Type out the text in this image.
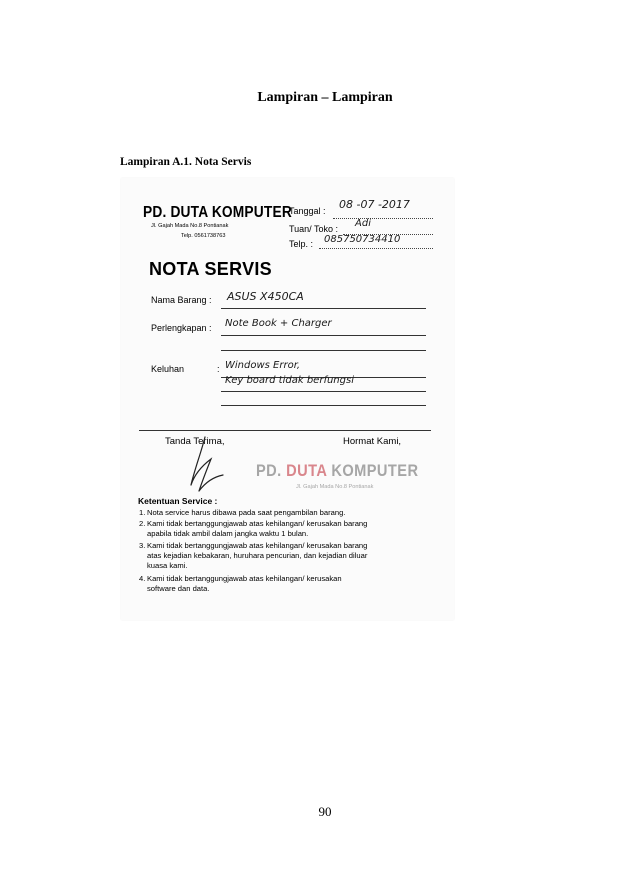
Lampiran – Lampiran
Lampiran A.1. Nota Servis
PD. DUTA KOMPUTER
Jl. Gajah Mada No.8 Pontianak
Telp. 0561738763
Tanggal : 08 -07 -2017
Tuan/ Toko : Adi
Telp. : 085750734410
NOTA SERVIS
Nama Barang : ASUS X450CA
Perlengkapan : Note Book + Charger
Keluhan	: Windows Error,
Key board tidak berfungsi
Tanda Terima,	Hormat Kami,
PD. DUTA KOMPUTER
Jl. Gajah Mada No.8 Pontianak
Ketentuan Service :
1. Nota service harus dibawa pada saat pengambilan barang.
2. Kami tidak bertanggungjawab atas kehilangan/ kerusakan barang
apabila tidak ambil dalam jangka waktu 1 bulan.
3. Kami tidak bertanggungjawab atas kehilangan/ kerusakan barang
atas kejadian kebakaran, huruhara pencurian, dan kejadian diluar
kuasa kami.
4. Kami tidak bertanggungjawab atas kehilangan/ kerusakan
software dan data.
90
